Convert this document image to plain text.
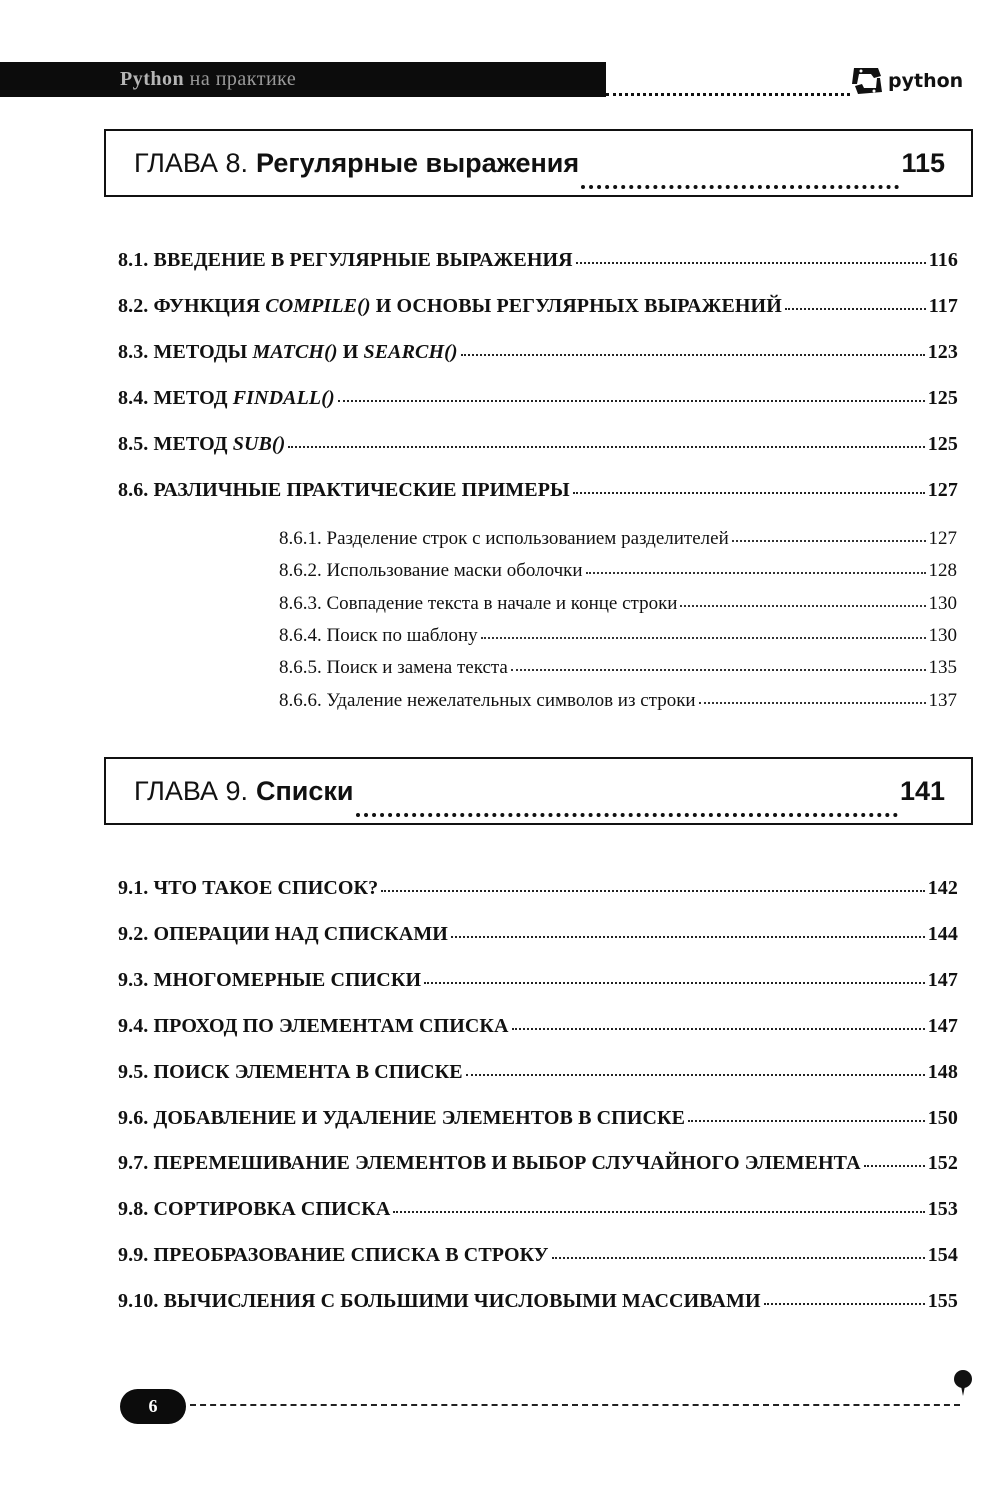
Python на практике	python
ГЛАВА 8. Регулярные выражения	115
8.1. ВВЕДЕНИЕ В РЕГУЛЯРНЫЕ ВЫРАЖЕНИЯ	116
8.2. ФУНКЦИЯ COMPILE() И ОСНОВЫ РЕГУЛЯРНЫХ ВЫРАЖЕНИЙ	117
8.3. МЕТОДЫ MATCH() И SEARCH()	123
8.4. МЕТОД FINDALL()	125
8.5. МЕТОД SUB()	125
8.6. РАЗЛИЧНЫЕ ПРАКТИЧЕСКИЕ ПРИМЕРЫ	127
8.6.1. Разделение строк с использованием разделителей	127
8.6.2. Использование маски оболочки	128
8.6.3. Совпадение текста в начале и конце строки	130
8.6.4. Поиск по шаблону	130
8.6.5. Поиск и замена текста	135
8.6.6. Удаление нежелательных символов из строки	137
ГЛАВА 9. Списки	141
9.1. ЧТО ТАКОЕ СПИСОК?	142
9.2. ОПЕРАЦИИ НАД СПИСКАМИ	144
9.3. МНОГОМЕРНЫЕ СПИСКИ	147
9.4. ПРОХОД ПО ЭЛЕМЕНТАМ СПИСКА	147
9.5. ПОИСК ЭЛЕМЕНТА В СПИСКЕ	148
9.6. ДОБАВЛЕНИЕ И УДАЛЕНИЕ ЭЛЕМЕНТОВ В СПИСКЕ	150
9.7. ПЕРЕМЕШИВАНИЕ ЭЛЕМЕНТОВ И ВЫБОР СЛУЧАЙНОГО ЭЛЕМЕНТА	152
9.8. СОРТИРОВКА СПИСКА	153
9.9. ПРЕОБРАЗОВАНИЕ СПИСКА В СТРОКУ	154
9.10. ВЫЧИСЛЕНИЯ С БОЛЬШИМИ ЧИСЛОВЫМИ МАССИВАМИ	155
6
